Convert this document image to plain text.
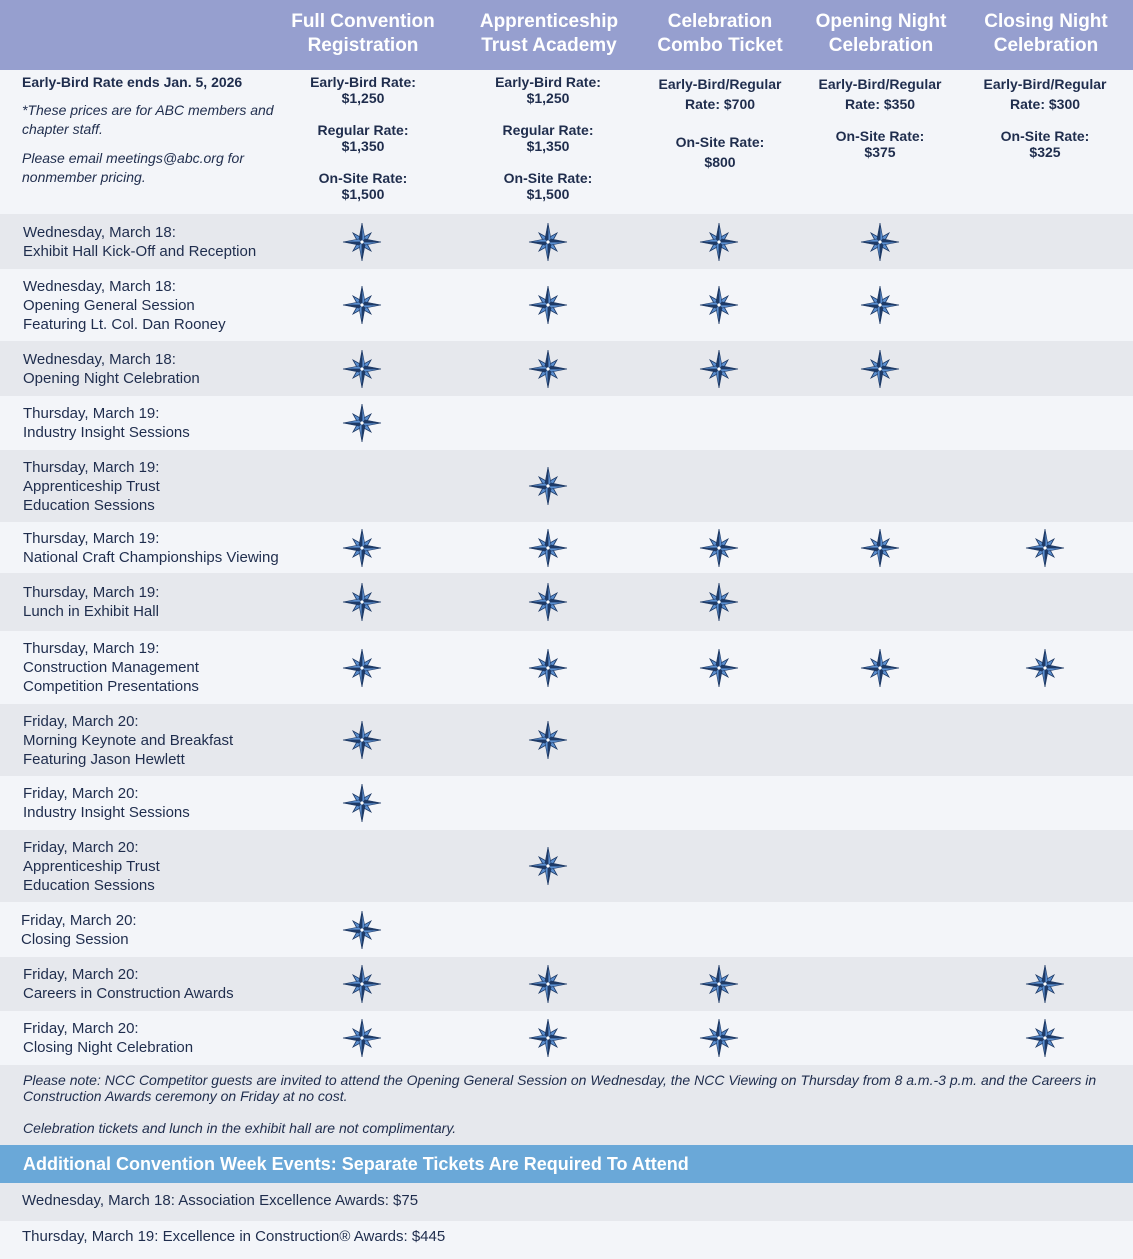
Full Convention
Registration
Apprenticeship
Trust Academy
Celebration
Combo Ticket
Opening Night
Celebration
Closing Night
Celebration
Early-Bird Rate ends Jan. 5, 2026
*These prices are for ABC members and chapter staff.
Please email meetings@abc.org for nonmember pricing.
Early-Bird Rate:
$1,250
Regular Rate:
$1,350
On-Site Rate:
$1,500
Early-Bird Rate:
$1,250
Regular Rate:
$1,350
On-Site Rate:
$1,500
Early-Bird/Regular
Rate: $700
On-Site Rate:
$800
Early-Bird/Regular
Rate: $350
On-Site Rate:
$375
Early-Bird/Regular
Rate: $300
On-Site Rate:
$325
Wednesday, March 18:
Exhibit Hall Kick-Off and Reception
Wednesday, March 18:
Opening General Session
Featuring Lt. Col. Dan Rooney
Wednesday, March 18:
Opening Night Celebration
Thursday, March 19:
Industry Insight Sessions
Thursday, March 19:
Apprenticeship Trust
Education Sessions
Thursday, March 19:
National Craft Championships Viewing
Thursday, March 19:
Lunch in Exhibit Hall
Thursday, March 19:
Construction Management
Competition Presentations
Friday, March 20:
Morning Keynote and Breakfast
Featuring Jason Hewlett
Friday, March 20:
Industry Insight Sessions
Friday, March 20:
Apprenticeship Trust
Education Sessions
Friday, March 20:
Closing Session
Friday, March 20:
Careers in Construction Awards
Friday, March 20:
Closing Night Celebration
Please note: NCC Competitor guests are invited to attend the Opening General Session on Wednesday, the NCC Viewing on Thursday from 8 a.m.-3 p.m. and the Careers in Construction Awards ceremony on Friday at no cost.
Celebration tickets and lunch in the exhibit hall are not complimentary.
Additional Convention Week Events: Separate Tickets Are Required To Attend
Wednesday, March 18: Association Excellence Awards: $75
Thursday, March 19: Excellence in Construction® Awards: $445
